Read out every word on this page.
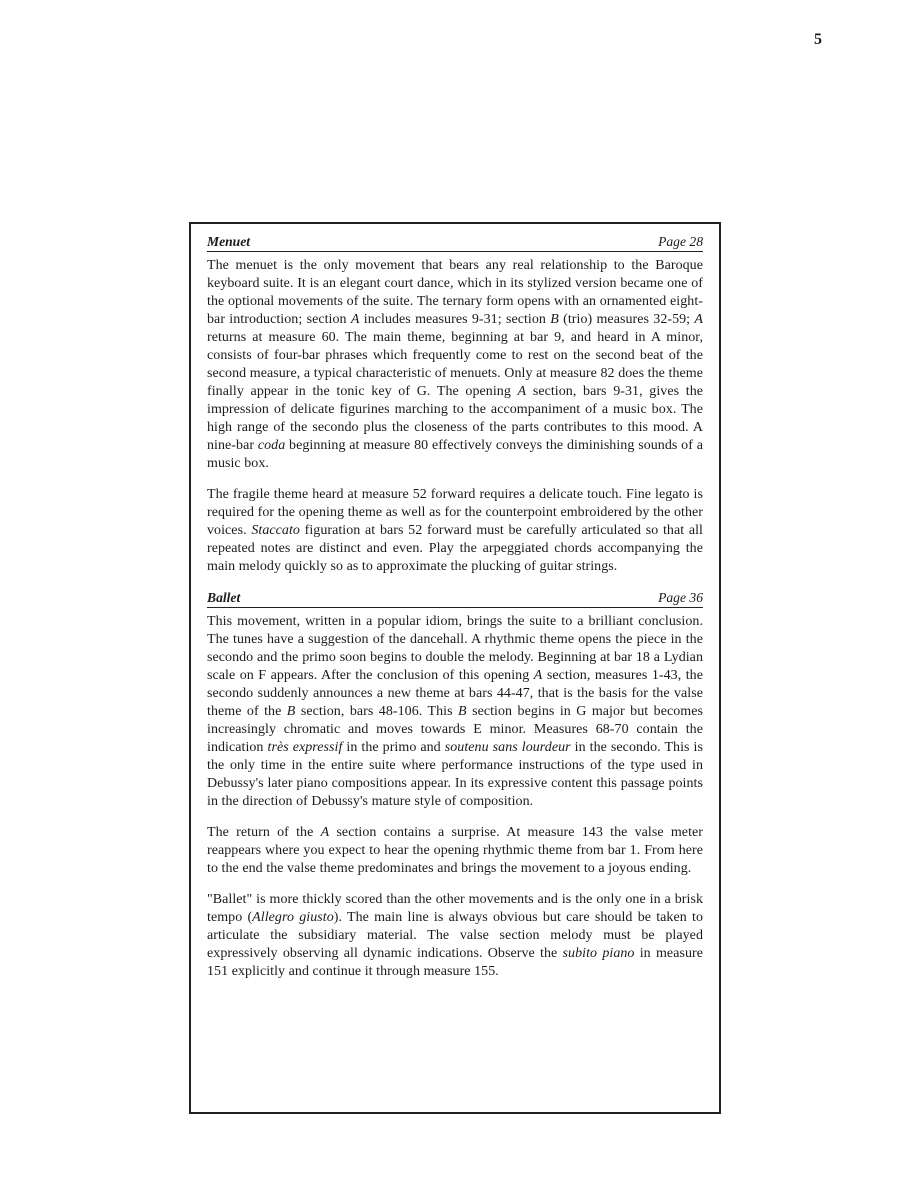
5
Menuet	Page 28

The menuet is the only movement that bears any real relationship to the Baroque keyboard suite. It is an elegant court dance, which in its stylized version became one of the optional movements of the suite. The ternary form opens with an ornamented eight-bar introduction; section A includes measures 9-31; section B (trio) measures 32-59; A returns at measure 60. The main theme, beginning at bar 9, and heard in A minor, consists of four-bar phrases which frequently come to rest on the second beat of the second measure, a typical characteristic of menuets. Only at measure 82 does the theme finally appear in the tonic key of G. The opening A section, bars 9-31, gives the impression of delicate figurines marching to the accompaniment of a music box. The high range of the secondo plus the closeness of the parts contributes to this mood. A nine-bar coda beginning at measure 80 effectively conveys the diminishing sounds of a music box.

The fragile theme heard at measure 52 forward requires a delicate touch. Fine legato is required for the opening theme as well as for the counterpoint embroidered by the other voices. Staccato figuration at bars 52 forward must be carefully articulated so that all repeated notes are distinct and even. Play the arpeggiated chords accompanying the main melody quickly so as to approximate the plucking of guitar strings.

Ballet	Page 36

This movement, written in a popular idiom, brings the suite to a brilliant conclusion. The tunes have a suggestion of the dancehall. A rhythmic theme opens the piece in the secondo and the primo soon begins to double the melody. Beginning at bar 18 a Lydian scale on F appears. After the conclusion of this opening A section, measures 1-43, the secondo suddenly announces a new theme at bars 44-47, that is the basis for the valse theme of the B section, bars 48-106. This B section begins in G major but becomes increasingly chromatic and moves towards E minor. Measures 68-70 contain the indication très expressif in the primo and soutenu sans lourdeur in the secondo. This is the only time in the entire suite where performance instructions of the type used in Debussy's later piano compositions appear. In its expressive content this passage points in the direction of Debussy's mature style of composition.

The return of the A section contains a surprise. At measure 143 the valse meter reappears where you expect to hear the opening rhythmic theme from bar 1. From here to the end the valse theme predominates and brings the movement to a joyous ending.

"Ballet" is more thickly scored than the other movements and is the only one in a brisk tempo (Allegro giusto). The main line is always obvious but care should be taken to articulate the subsidiary material. The valse section melody must be played expressively observing all dynamic indications. Observe the subito piano in measure 151 explicitly and continue it through measure 155.
